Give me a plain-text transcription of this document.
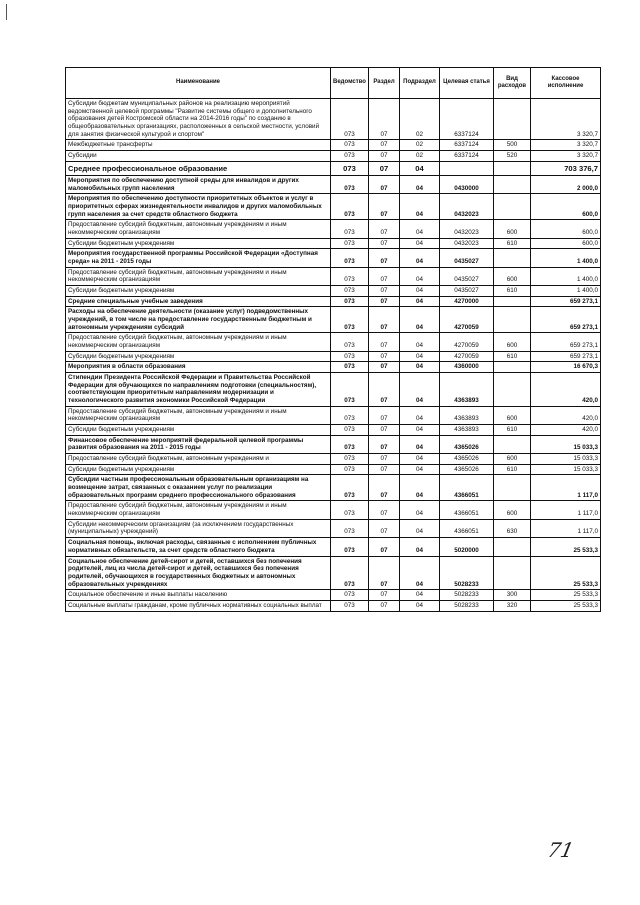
Наименование	Ведомство	Раздел	Подраздел	Целевая статья	Вид расходов	Кассовое исполнение
Субсидии бюджетам муниципальных районов на реализацию мероприятий ведомственной целевой программы "Развитие системы общего и дополнительного образования детей Костромской области на 2014-2016 годы" по созданию в общеобразовательных организациях, расположенных в сельской местности, условий для занятия физической культурой и спортом"	073	07	02	6337124		3 320,7
Межбюджетные трансферты	073	07	02	6337124	500	3 320,7
Субсидии	073	07	02	6337124	520	3 320,7
Среднее профессиональное образование	073	07	04			703 376,7
Мероприятия по обеспечению доступной среды для инвалидов и других маломобильных групп населения	073	07	04	0430000		2 000,0
Мероприятия по обеспечению доступности приоритетных объектов и услуг в приоритетных сферах жизнедеятельности инвалидов и других маломобильных групп населения за счет средств областного бюджета	073	07	04	0432023		600,0
Предоставление субсидий бюджетным, автономным учреждениям и иным некоммерческим организациям	073	07	04	0432023	600	600,0
Субсидии бюджетным учреждениям	073	07	04	0432023	610	600,0
Мероприятия государственной программы Российской Федерации «Доступная среда» на 2011 - 2015 годы	073	07	04	0435027		1 400,0
Предоставление субсидий бюджетным, автономным учреждениям и иным некоммерческим организациям	073	07	04	0435027	600	1 400,0
Субсидии бюджетным учреждениям	073	07	04	0435027	610	1 400,0
Средние специальные учебные заведения	073	07	04	4270000		659 273,1
Расходы на обеспечение деятельности (оказание услуг) подведомственных учреждений, в том числе на предоставление государственным бюджетным и автономным учреждениям субсидий	073	07	04	4270059		659 273,1
Предоставление субсидий бюджетным, автономным учреждениям и иным некоммерческим организациям	073	07	04	4270059	600	659 273,1
Субсидии бюджетным учреждениям	073	07	04	4270059	610	659 273,1
Мероприятия в области образования	073	07	04	4360000		16 670,3
Стипендии Президента Российской Федерации и Правительства Российской Федерации для обучающихся по направлениям подготовки (специальностям), соответствующим приоритетным направлениям модернизации и технологического развития экономики Российской Федерации	073	07	04	4363893		420,0
Предоставление субсидий бюджетным, автономным учреждениям и иным некоммерческим организациям	073	07	04	4363893	600	420,0
Субсидии бюджетным учреждениям	073	07	04	4363893	610	420,0
Финансовое обеспечение мероприятий федеральной целевой программы развития образования на 2011 - 2015 годы	073	07	04	4365026		15 033,3
Предоставление субсидий бюджетным, автономным учреждениям и	073	07	04	4365026	600	15 033,3
Субсидии бюджетным учреждениям	073	07	04	4365026	610	15 033,3
Субсидии частным профессиональным образовательным организациям на возмещение затрат, связанных с оказанием услуг по реализации образовательных программ среднего профессионального образования	073	07	04	4366051		1 117,0
Предоставление субсидий бюджетным, автономным учреждениям и иным некоммерческим организациям	073	07	04	4366051	600	1 117,0
Субсидии некоммерческим организациям (за исключением государственных (муниципальных) учреждений)	073	07	04	4366051	630	1 117,0
Социальная помощь, включая расходы, связанные с исполнением публичных нормативных обязательств, за счет средств областного бюджета	073	07	04	5020000		25 533,3
Социальное обеспечение детей-сирот и детей, оставшихся без попечения родителей, лиц из числа детей-сирот и детей, оставшихся без попечения родителей, обучающихся в государственных бюджетных и автономных образовательных учреждениях	073	07	04	5028233		25 533,3
Социальное обеспечение и иные выплаты населению	073	07	04	5028233	300	25 533,3
Социальные выплаты гражданам, кроме публичных нормативных социальных выплат	073	07	04	5028233	320	25 533,3
71
